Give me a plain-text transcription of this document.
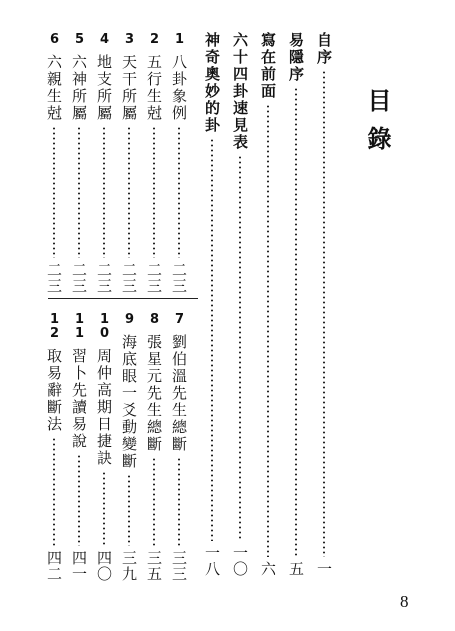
目錄
自序
一
易隱序
五
寫在前面
六
六十四卦速見表
一〇
神奇奧妙的卦
一八
1
八卦象例
二三
2
五行生尅
二三
3
天干所屬
二三
4
地支所屬
二三
5
六神所屬
二三
6
六親生尅
二三
7
劉伯溫先生總斷
三三
8
張星元先生總斷
三五
9
海底眼一爻動變斷
三九
10
周仲高期日捷訣
四〇
11
習卜先讀易說
四一
12
取易辭斷法
四二
8
